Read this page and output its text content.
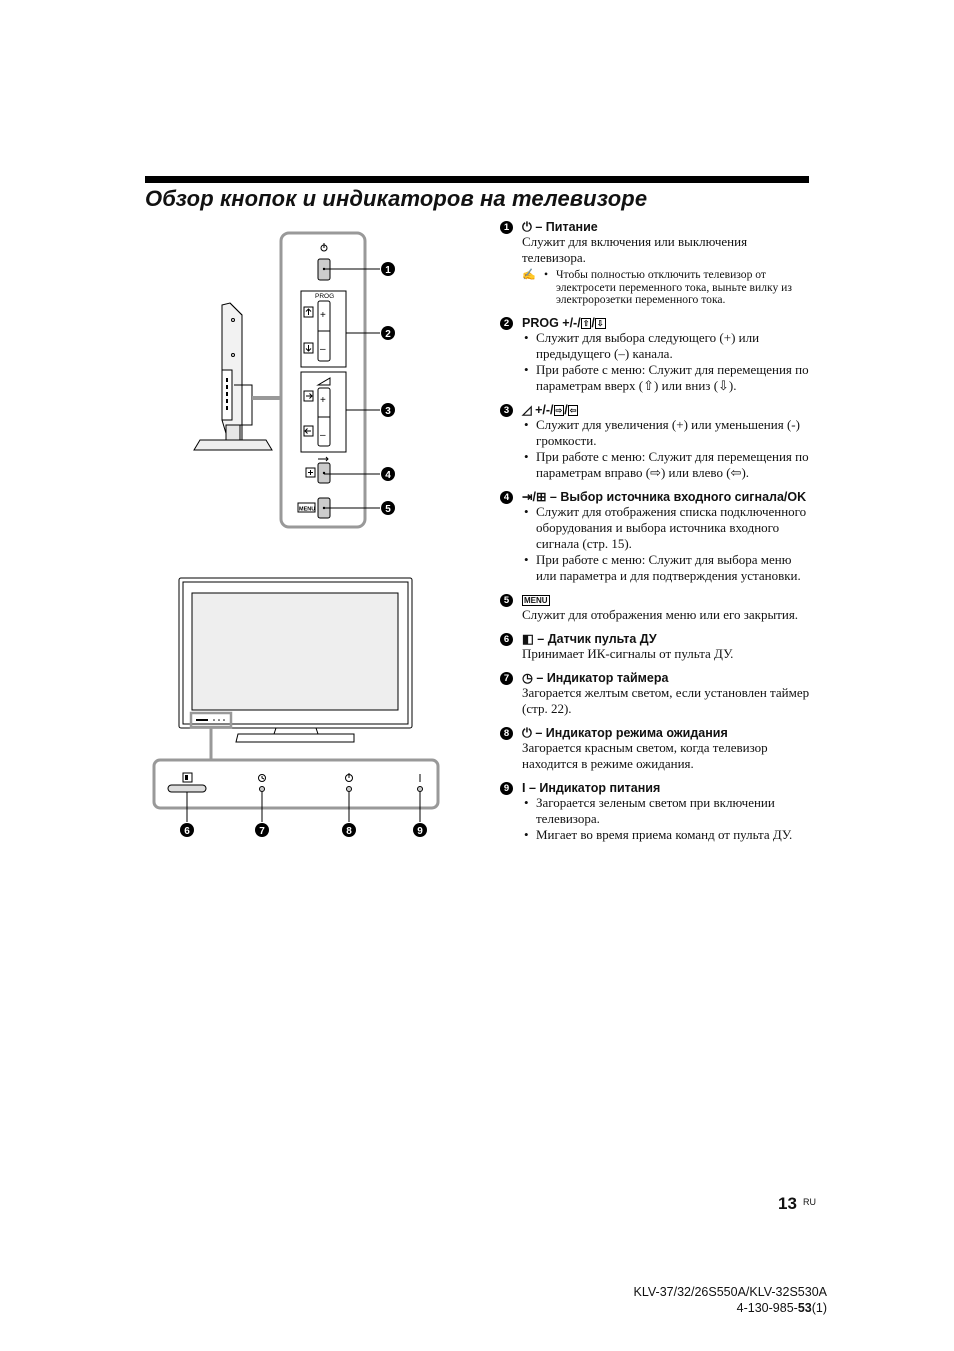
Обзор кнопок и индикаторов на телевизоре
PROG
+
–
+
–
MENU
1
2
3
4
5
6	7	8	9
1	⏻ – Питание
Служит для включения или выключения телевизора.
✍ • Чтобы полностью отключить телевизор от электросети переменного тока, выньте вилку из электророзетки переменного тока.
2	PROG +/-/ ⇧ / ⇩
• Служит для выбора следующего (+) или предыдущего (–) канала.
• При работе с меню: Служит для перемещения по параметрам вверх (⇧) или вниз (⇩).
3	◿ +/-/ ⇨ / ⇦
• Служит для увеличения (+) или уменьшения (-) громкости.
• При работе с меню: Служит для перемещения по параметрам вправо (⇨) или влево (⇦).
4	⇥/⊞ – Выбор источника входного сигнала/OK
• Служит для отображения списка подключенного оборудования и выбора источника входного сигнала (стр. 15).
• При работе с меню: Служит для выбора меню или параметра и для подтверждения установки.
5	MENU
Служит для отображения меню или его закрытия.
6	◧ – Датчик пульта ДУ
Принимает ИК-сигналы от пульта ДУ.
7	◷ – Индикатор таймера
Загорается желтым светом, если установлен таймер (стр. 22).
8	⏻ – Индикатор режима ожидания
Загорается красным светом, когда телевизор находится в режиме ожидания.
9	I – Индикатор питания
• Загорается зеленым светом при включении телевизора.
• Мигает во время приема команд от пульта ДУ.
13 RU
KLV-37/32/26S550A/KLV-32S530A
4-130-985-53(1)
